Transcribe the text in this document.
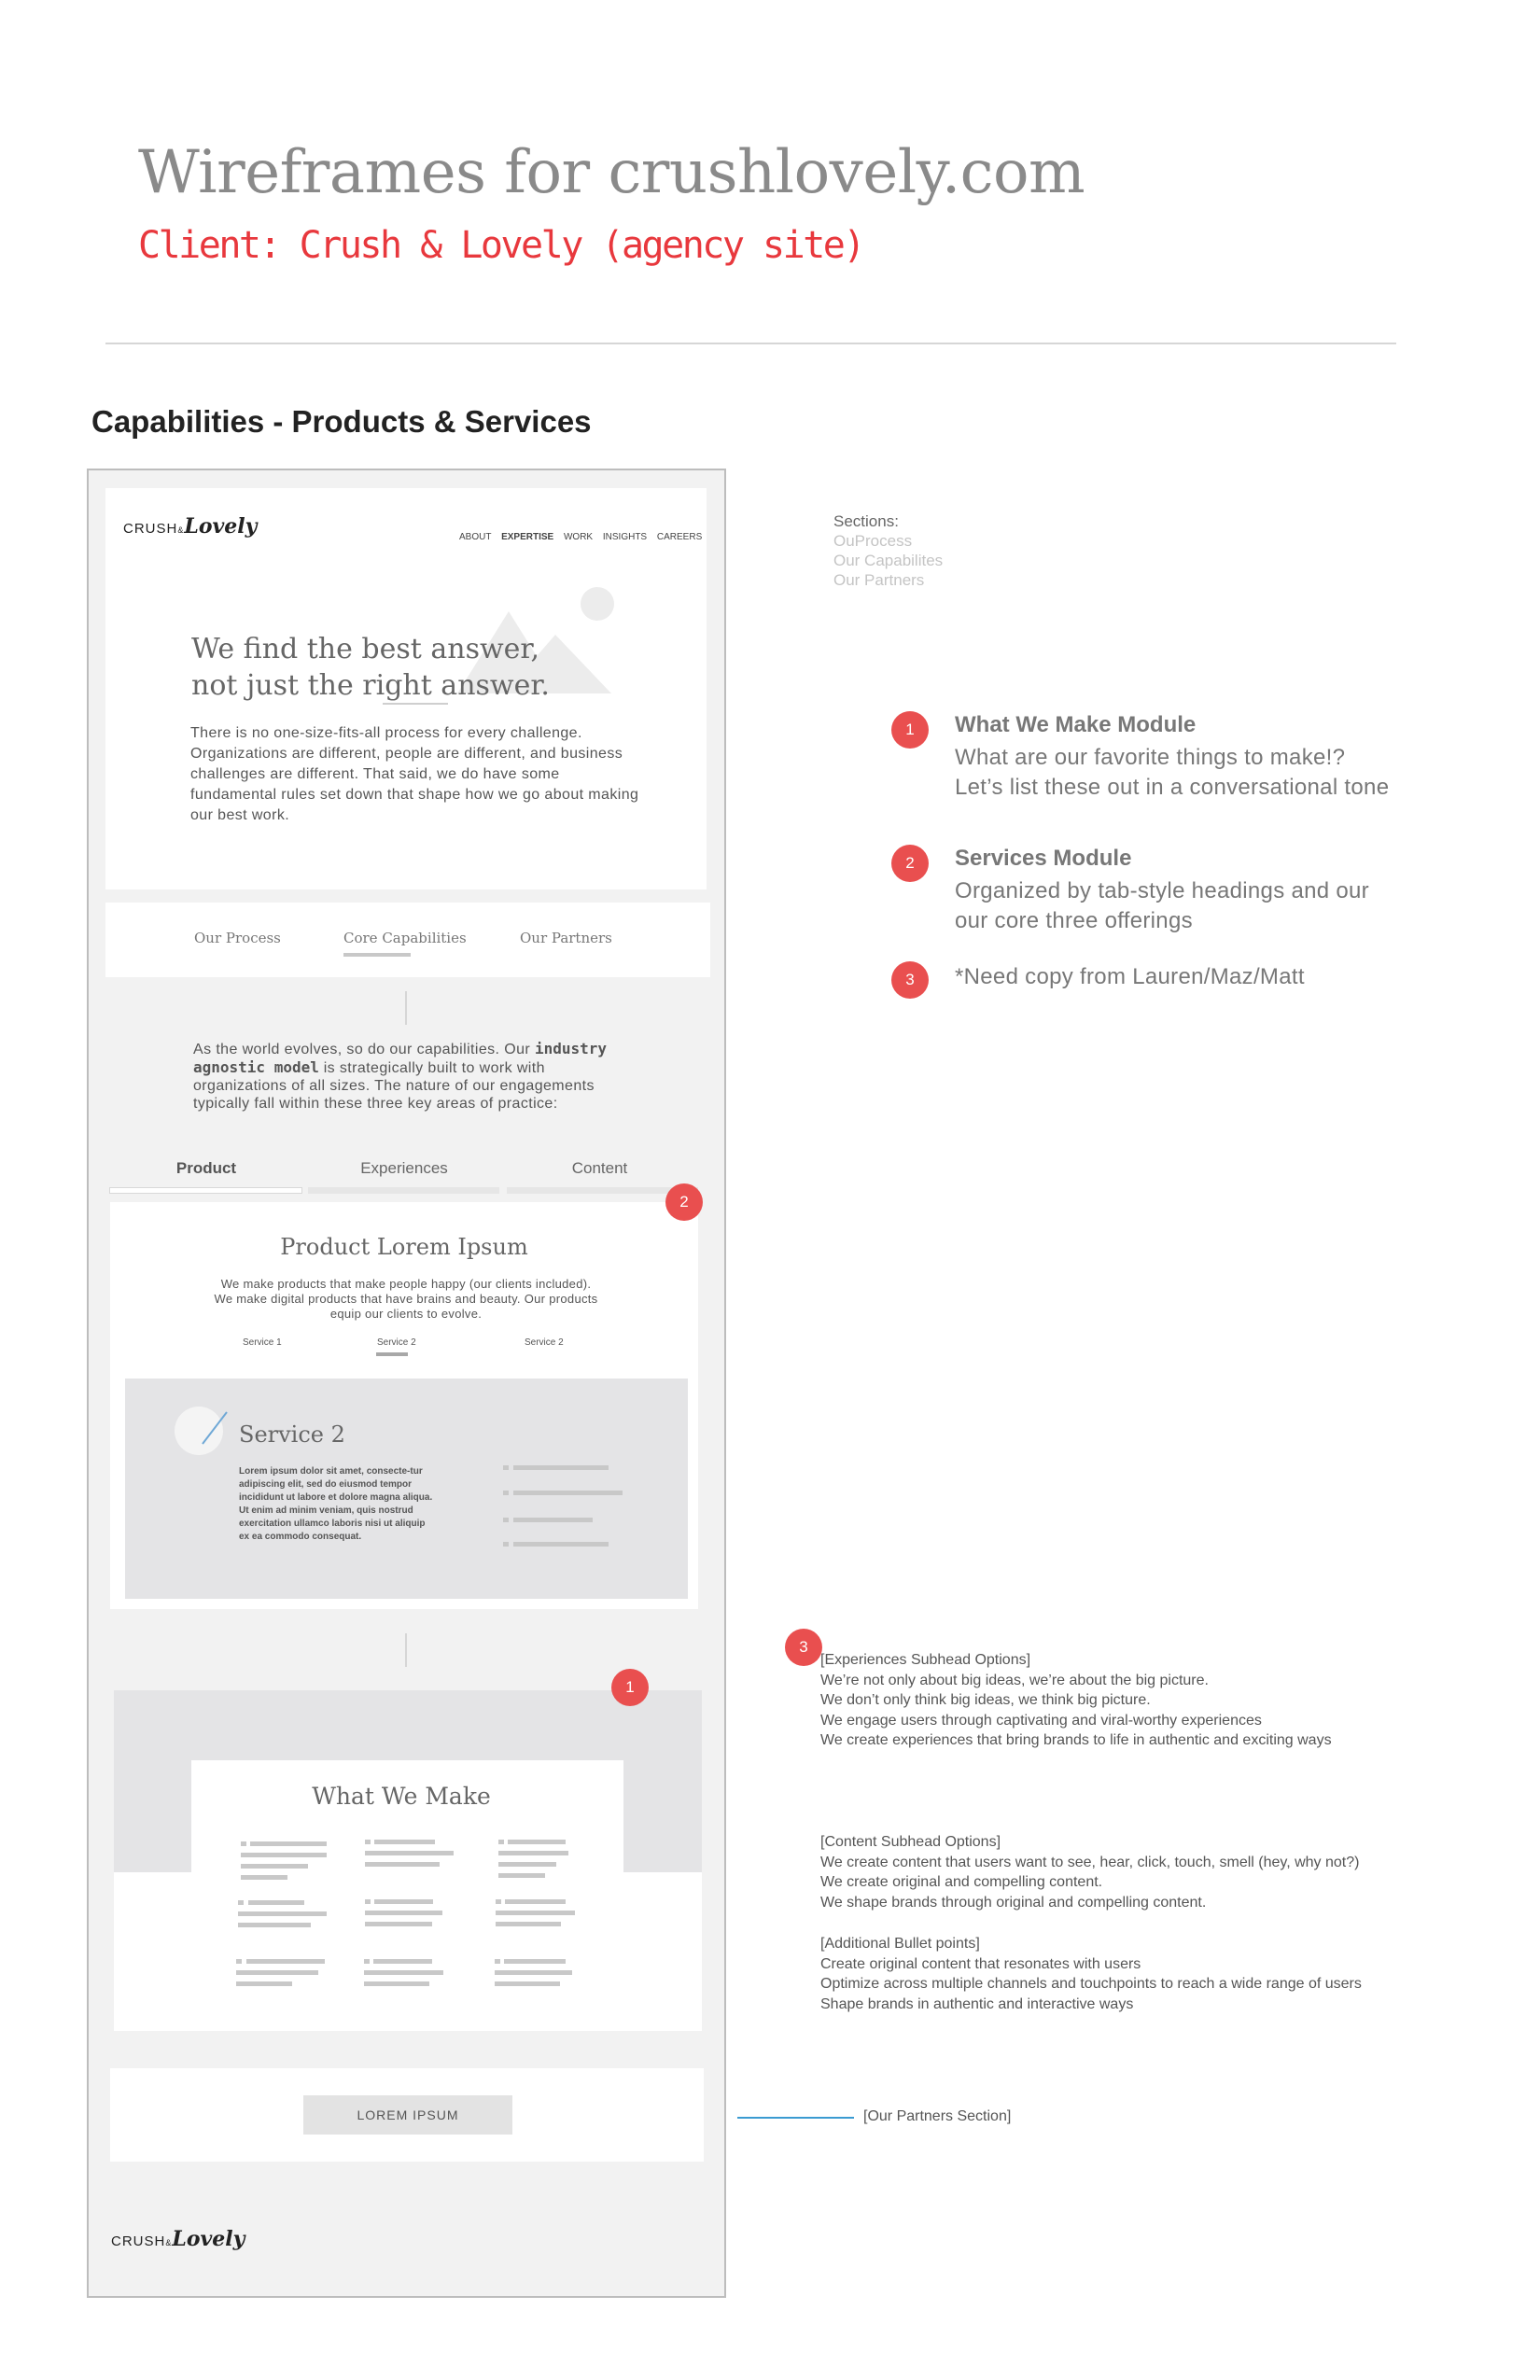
Wireframes for crushlovely.com
Client: Crush & Lovely (agency site)
Capabilities - Products & Services
CRUSH&Lovely	ABOUT EXPERTISE WORK INSIGHTS CAREERS
We find the best answer,
not just the right answer.
There is no one-size-fits-all process for every challenge. Organizations are different, people are different, and business challenges are different. That said, we do have some fundamental rules set down that shape how we go about making our best work.
Our Process	Core Capabilities	Our Partners
As the world evolves, so do our capabilities. Our industry agnostic model is strategically built to work with organizations of all sizes. The nature of our engagements typically fall within these three key areas of practice:
Product	Experiences	Content
2
Product Lorem Ipsum
We make products that make people happy (our clients included). We make digital products that have brains and beauty. Our products equip our clients to evolve.
Service 1	Service 2	Service 2
Service 2
Lorem ipsum dolor sit amet, consecte-tur adipiscing elit, sed do eiusmod tempor incididunt ut labore et dolore magna aliqua. Ut enim ad minim veniam, quis nostrud exercitation ullamco laboris nisi ut aliquip ex ea commodo consequat.
1
What We Make
LOREM IPSUM
CRUSH&Lovely
Sections:
OuProcess
Our Capabilites
Our Partners
1	What We Make Module
What are our favorite things to make!?
Let’s list these out in a conversational tone
2	Services Module
Organized by tab-style headings and our
our core three offerings
3	*Need copy from Lauren/Maz/Matt
3
[Experiences Subhead Options]
We’re not only about big ideas, we’re about the big picture.
We don’t only think big ideas, we think big picture.
We engage users through captivating and viral-worthy experiences
We create experiences that bring brands to life in authentic and exciting ways
[Content Subhead Options]
We create content that users want to see, hear, click, touch, smell (hey, why not?)
We create original and compelling content.
We shape brands through original and compelling content.
[Additional Bullet points]
Create original content that resonates with users
Optimize across multiple channels and touchpoints to reach a wide range of users
Shape brands in authentic and interactive ways
[Our Partners Section]
